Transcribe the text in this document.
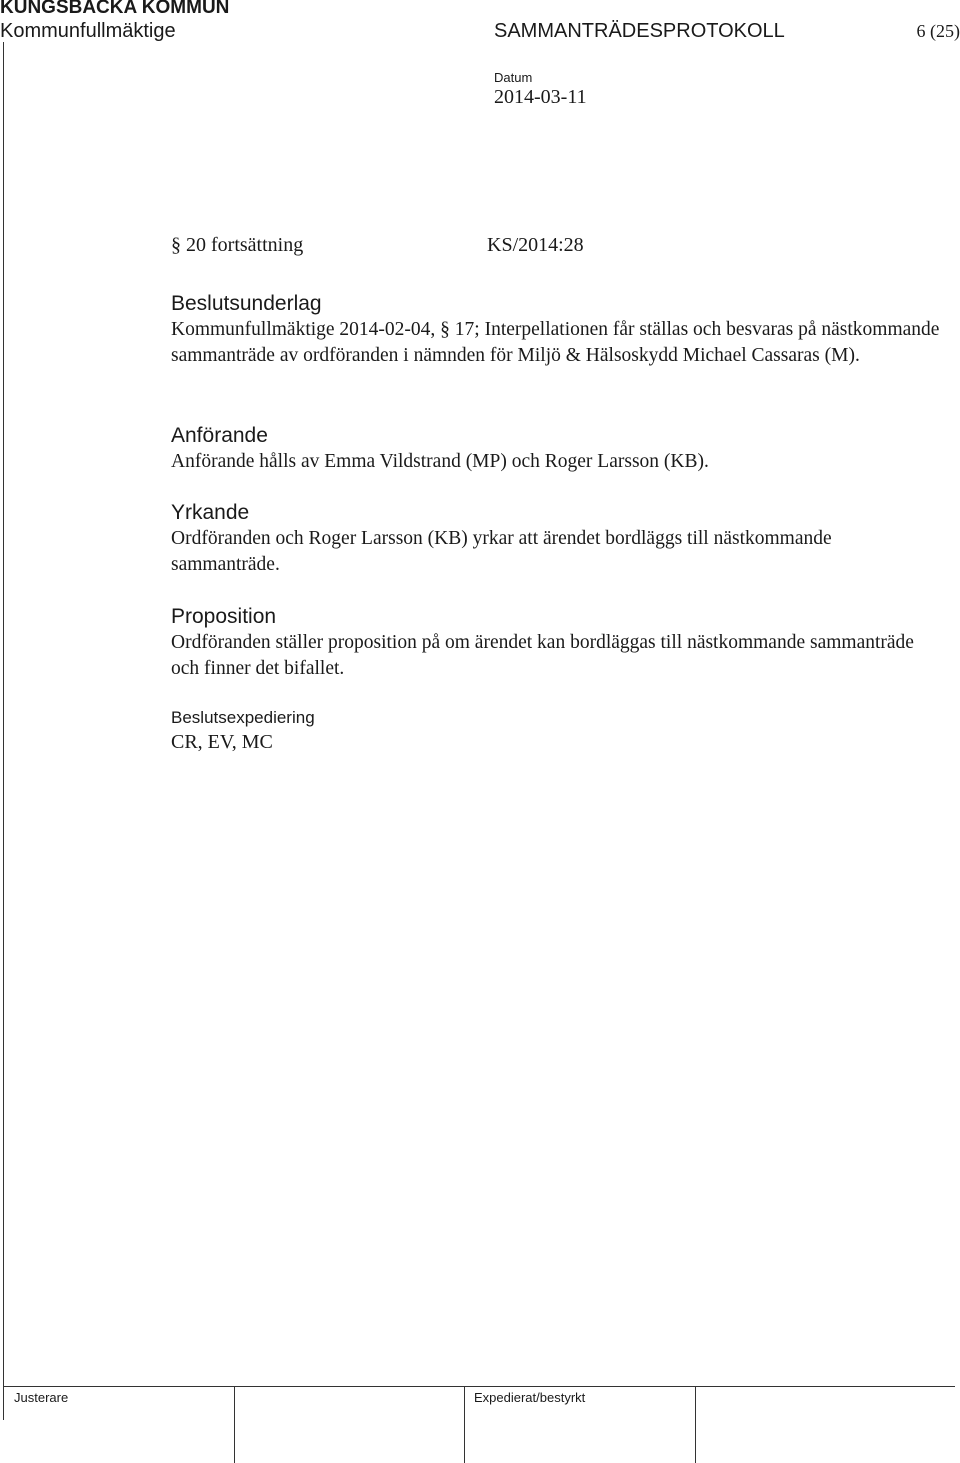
KUNGSBACKA KOMMUN
Kommunfullmäktige	SAMMANTRÄDESPROTOKOLL	6 (25)
Datum
2014-03-11
§ 20 fortsättning	KS/2014:28

Beslutsunderlag

Kommunfullmäktige 2014-02-04, § 17; Interpellationen får ställas och besvaras på nästkommande sammanträde av ordföranden i nämnden för Miljö & Hälsoskydd Michael Cassaras (M).

Anförande

Anförande hålls av Emma Vildstrand (MP) och Roger Larsson (KB).

Yrkande

Ordföranden och Roger Larsson (KB) yrkar att ärendet bordläggs till nästkommande sammanträde.

Proposition

Ordföranden ställer proposition på om ärendet kan bordläggas till nästkommande sammanträde och finner det bifallet.

Beslutsexpediering
CR, EV, MC
Justerare	Expedierat/bestyrkt
